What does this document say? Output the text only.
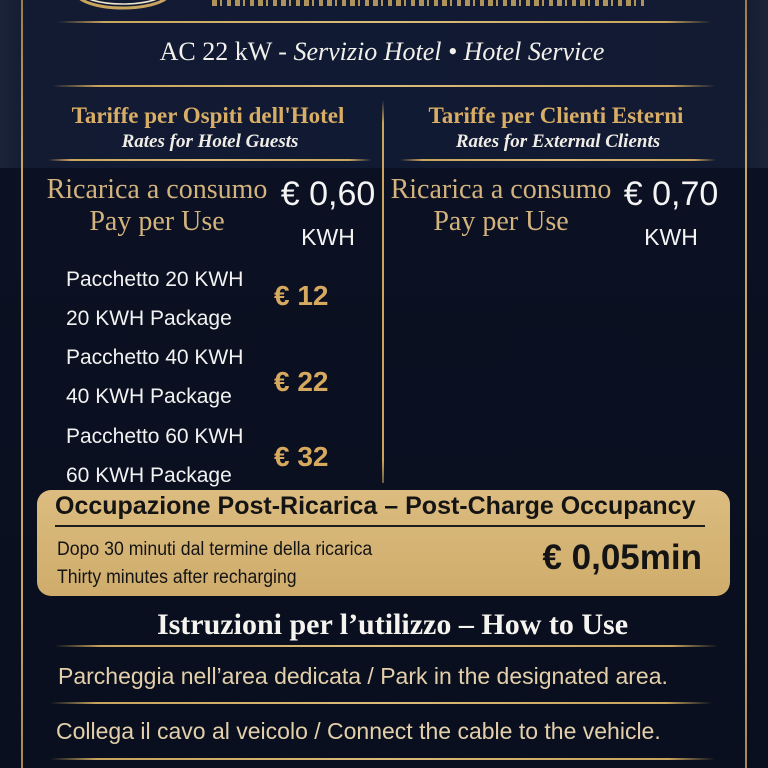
AC 22 kW - Servizio Hotel • Hotel Service
Tariffe per Ospiti dell'Hotel
Rates for Hotel Guests
Ricarica a consumo
Pay per Use
€ 0,60
KWH
Pacchetto 20 KWH
20 KWH Package
€ 12
Pacchetto 40 KWH
40 KWH Package	€ 22
Pacchetto 60 KWH
60 KWH Package
€ 32
Tariffe per Clienti Esterni
Rates for External Clients
Ricarica a consumo
Pay per Use
€ 0,70
KWH
Occupazione Post-Ricarica – Post-Charge Occupancy
Dopo 30 minuti dal termine della ricarica
Thirty minutes after recharging
€ 0,05min
Istruzioni per l’utilizzo – How to Use
Parcheggia nell’area dedicata / Park in the designated area.
Collega il cavo al veicolo / Connect the cable to the vehicle.
